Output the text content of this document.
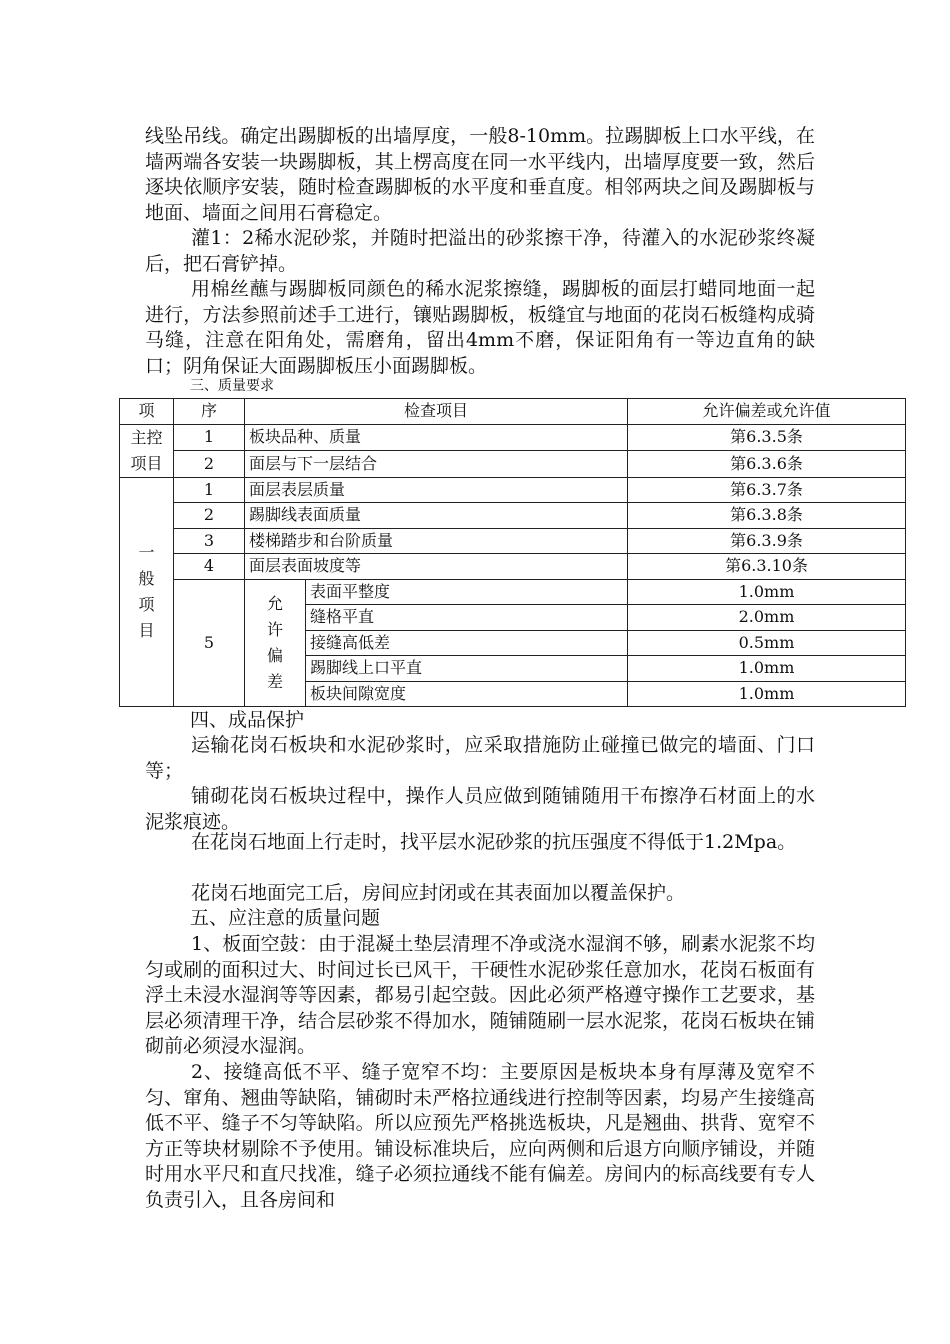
线坠吊线。确定出踢脚板的出墙厚度，一般8-10mm。拉踢脚板上口水平线，在墙两端各安装一块踢脚板，其上楞高度在同一水平线内，出墙厚度要一致，然后逐块依顺序安装，随时检查踢脚板的水平度和垂直度。相邻两块之间及踢脚板与地面、墙面之间用石膏稳定。

灌1：2稀水泥砂浆，并随时把溢出的砂浆擦干净，待灌入的水泥砂浆终凝后，把石膏铲掉。

用棉丝蘸与踢脚板同颜色的稀水泥浆擦缝，踢脚板的面层打蜡同地面一起进行，方法参照前述手工进行，镶贴踢脚板，板缝宜与地面的花岗石板缝构成骑马缝，注意在阳角处，需磨角，留出4mm不磨，保证阳角有一等边直角的缺口；阴角保证大面踢脚板压小面踢脚板。

三、质量要求

项	序	检查项目		允许偏差或允许值
主控项目	1	板块品种、质量		第6.3.5条
	2	面层与下一层结合		第6.3.6条
一般项目	1	面层表层质量		第6.3.7条
	2	踢脚线表面质量		第6.3.8条
	3	楼梯踏步和台阶质量		第6.3.9条
	4	面层表面坡度等		第6.3.10条
	5	允许偏差	表面平整度	1.0mm
			缝格平直	2.0mm
			接缝高低差	0.5mm
			踢脚线上口平直	1.0mm
			板块间隙宽度	1.0mm

四、成品保护

运输花岗石板块和水泥砂浆时，应采取措施防止碰撞已做完的墙面、门口等；

铺砌花岗石板块过程中，操作人员应做到随铺随用干布擦净石材面上的水泥浆痕迹。

在花岗石地面上行走时，找平层水泥砂浆的抗压强度不得低于1.2Mpa。

花岗石地面完工后，房间应封闭或在其表面加以覆盖保护。

五、应注意的质量问题

1、板面空鼓：由于混凝土垫层清理不净或浇水湿润不够，刷素水泥浆不均匀或刷的面积过大、时间过长已风干，干硬性水泥砂浆任意加水，花岗石板面有浮土未浸水湿润等等因素，都易引起空鼓。因此必须严格遵守操作工艺要求，基层必须清理干净，结合层砂浆不得加水，随铺随刷一层水泥浆，花岗石板块在铺砌前必须浸水湿润。

2、接缝高低不平、缝子宽窄不均：主要原因是板块本身有厚薄及宽窄不匀、窜角、翘曲等缺陷，铺砌时未严格拉通线进行控制等因素，均易产生接缝高低不平、缝子不匀等缺陷。所以应预先严格挑选板块，凡是翘曲、拱背、宽窄不方正等块材剔除不予使用。铺设标准块后，应向两侧和后退方向顺序铺设，并随时用水平尺和直尺找准，缝子必须拉通线不能有偏差。房间内的标高线要有专人负责引入，且各房间和
